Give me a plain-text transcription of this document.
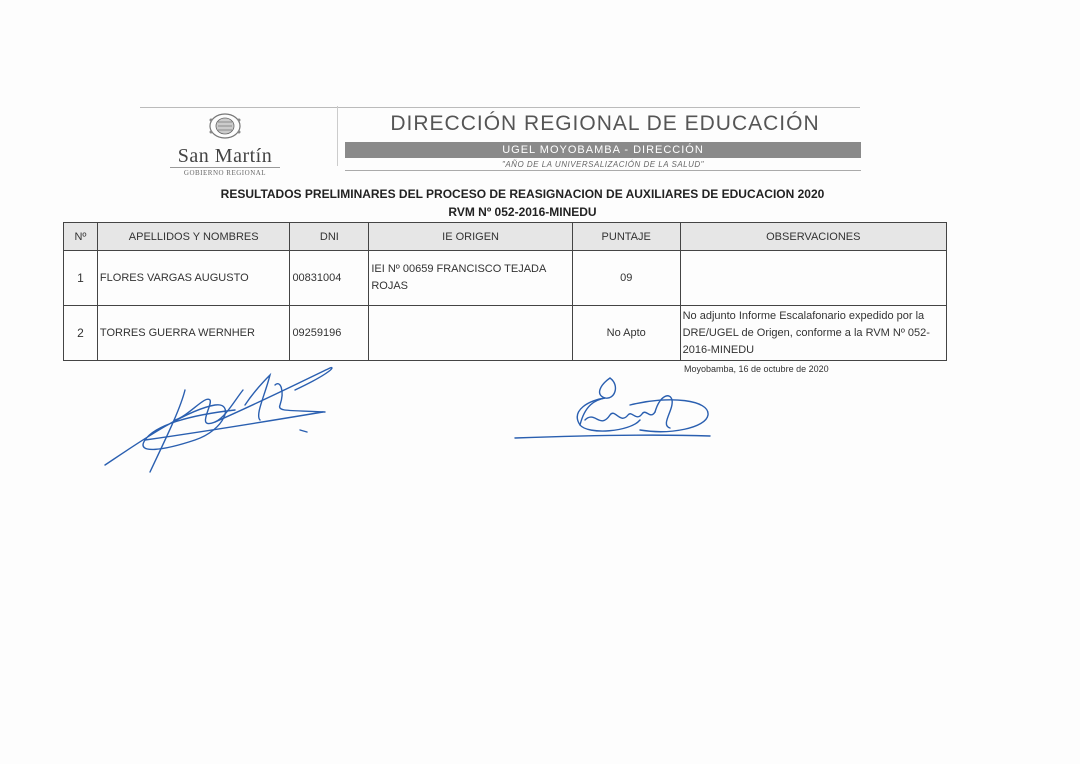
San Martín
GOBIERNO REGIONAL
DIRECCIÓN REGIONAL DE EDUCACIÓN
UGEL MOYOBAMBA - DIRECCIÓN
"AÑO DE LA UNIVERSALIZACIÓN DE LA SALUD"
RESULTADOS PRELIMINARES DEL PROCESO DE REASIGNACION DE AUXILIARES DE EDUCACION 2020
RVM Nº 052-2016-MINEDU
Nº	APELLIDOS Y NOMBRES	DNI	IE ORIGEN	PUNTAJE	OBSERVACIONES
1	FLORES VARGAS AUGUSTO	00831004	IEI Nº 00659 FRANCISCO TEJADA ROJAS	09	
2	TORRES GUERRA WERNHER	09259196		No Apto	No adjunto Informe Escalafonario expedido por la DRE/UGEL de Origen, conforme a la RVM Nº 052-2016-MINEDU
Moyobamba, 16 de octubre de 2020
